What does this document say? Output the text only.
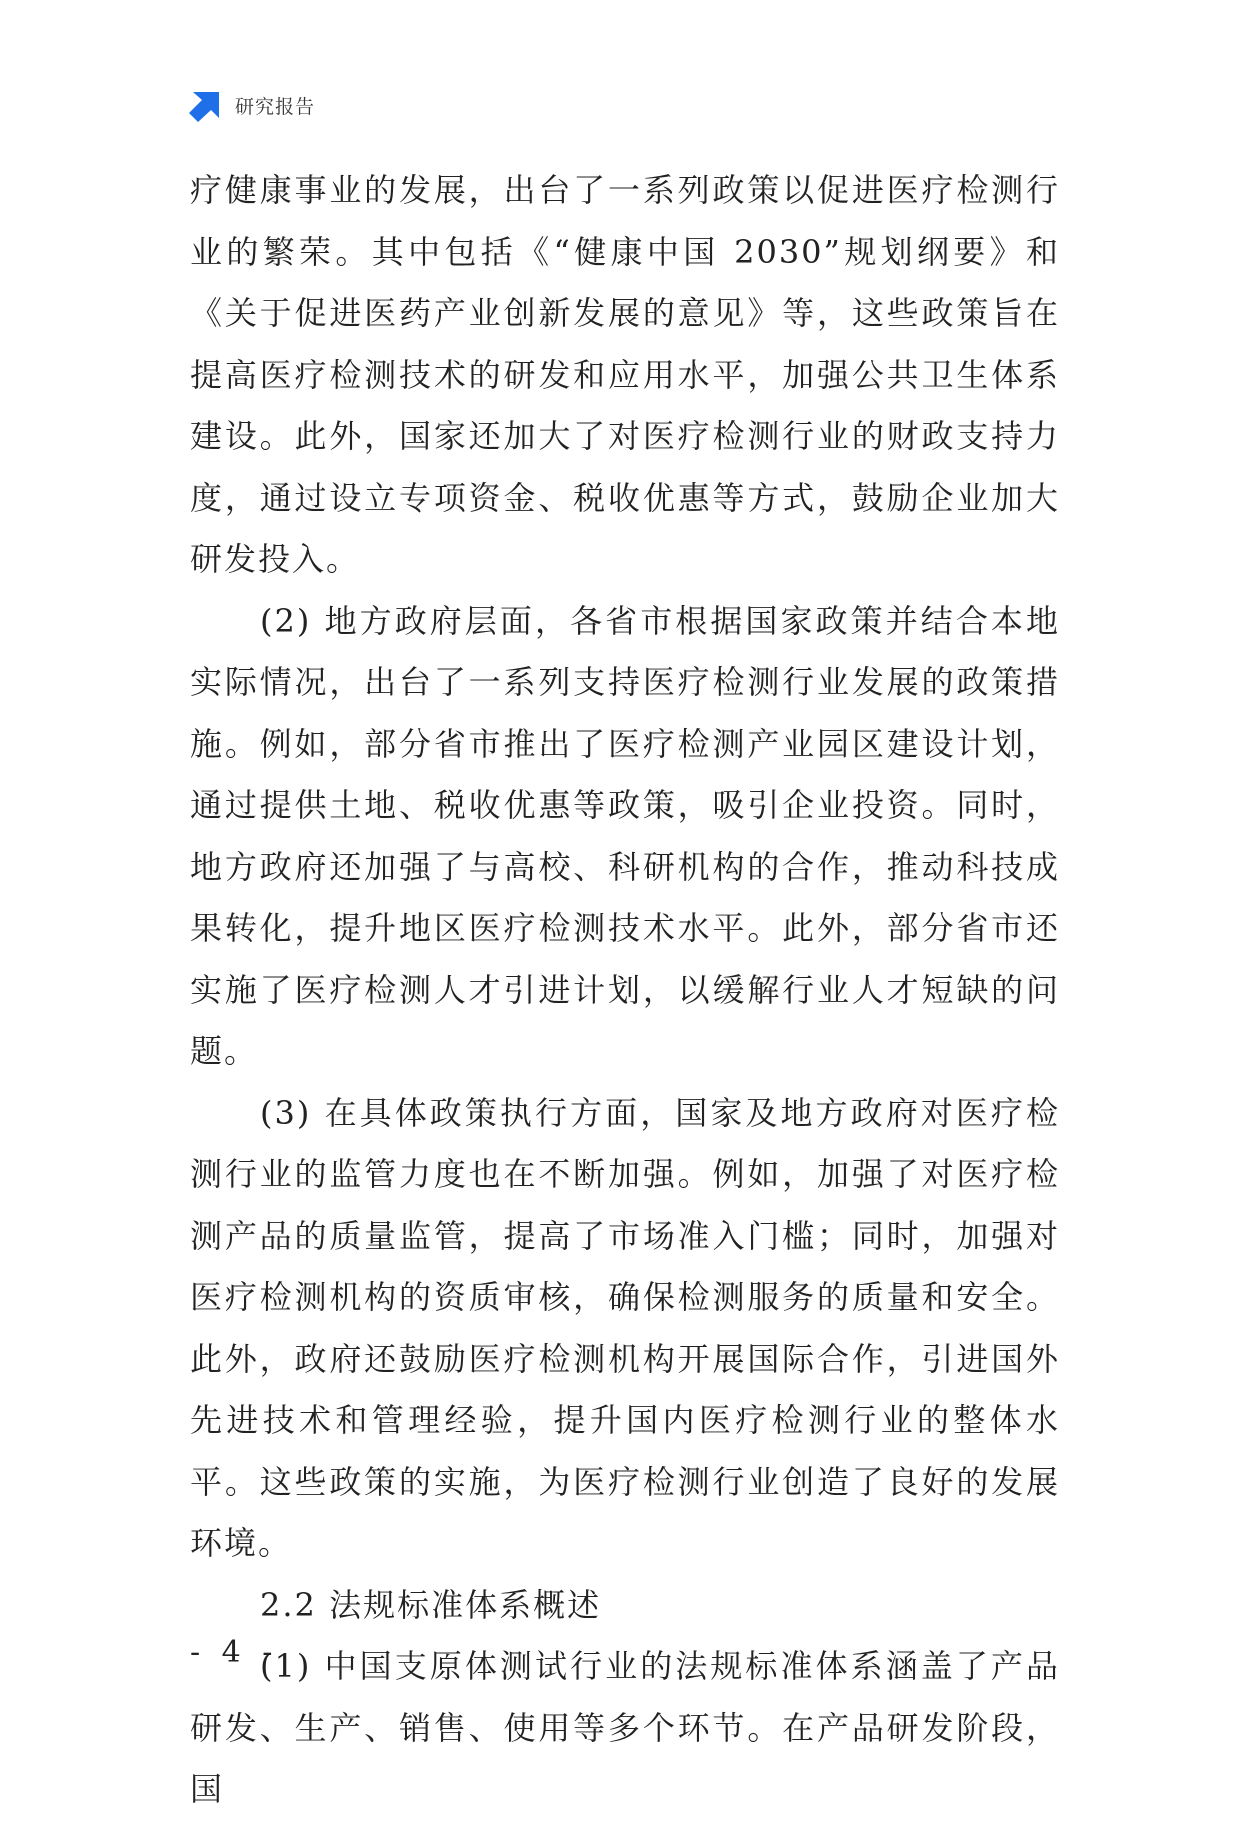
研究报告

疗健康事业的发展，出台了一系列政策以促进医疗检测行业的繁荣。其中包括《“健康中国 2030”规划纲要》和《关于促进医药产业创新发展的意见》等，这些政策旨在提高医疗检测技术的研发和应用水平，加强公共卫生体系建设。此外，国家还加大了对医疗检测行业的财政支持力度，通过设立专项资金、税收优惠等方式，鼓励企业加大研发投入。

(2) 地方政府层面，各省市根据国家政策并结合本地实际情况，出台了一系列支持医疗检测行业发展的政策措施。例如，部分省市推出了医疗检测产业园区建设计划，通过提供土地、税收优惠等政策，吸引企业投资。同时，地方政府还加强了与高校、科研机构的合作，推动科技成果转化，提升地区医疗检测技术水平。此外，部分省市还实施了医疗检测人才引进计划，以缓解行业人才短缺的问题。

(3) 在具体政策执行方面，国家及地方政府对医疗检测行业的监管力度也在不断加强。例如，加强了对医疗检测产品的质量监管，提高了市场准入门槛；同时，加强对医疗检测机构的资质审核，确保检测服务的质量和安全。此外，政府还鼓励医疗检测机构开展国际合作，引进国外先进技术和管理经验，提升国内医疗检测行业的整体水平。这些政策的实施，为医疗检测行业创造了良好的发展环境。

2.2 法规标准体系概述

(1) 中国支原体测试行业的法规标准体系涵盖了产品研发、生产、销售、使用等多个环节。在产品研发阶段，国

- 4 -
